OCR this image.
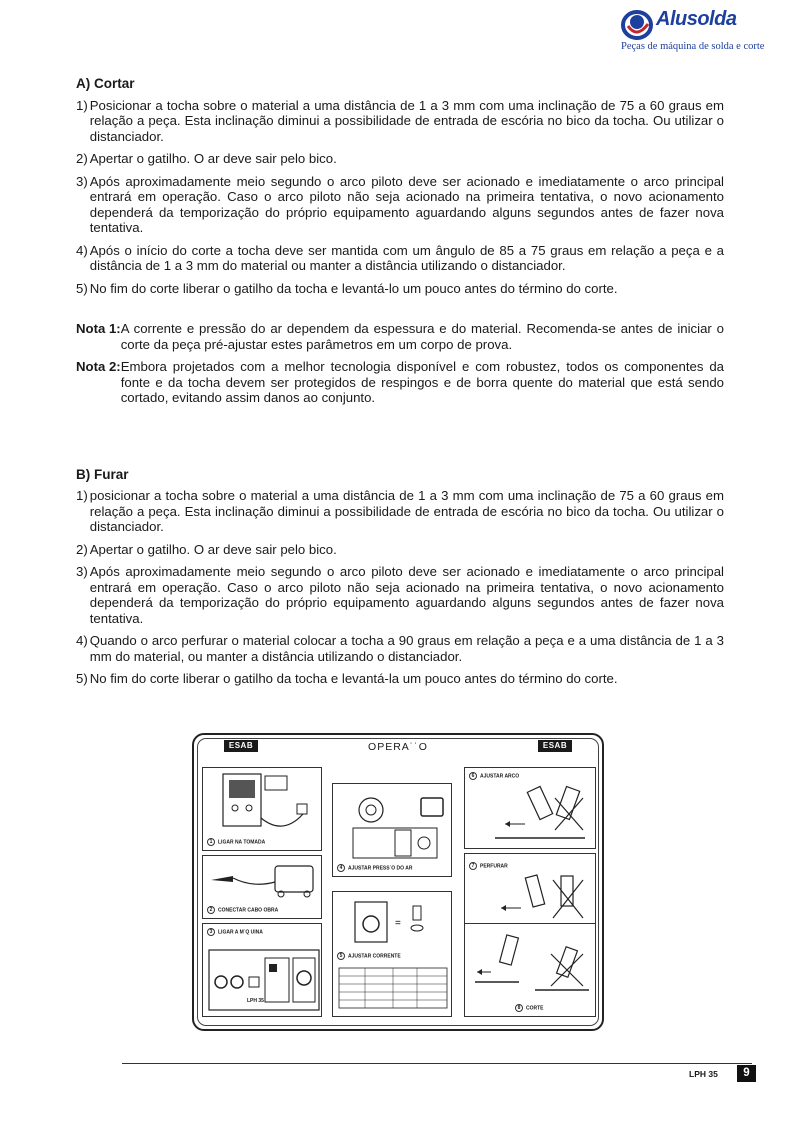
Alusolda
Peças de máquina de solda e corte
A) Cortar
1) Posicionar a tocha sobre o material a uma distância de 1 a 3 mm com uma inclinação de 75 a 60 graus em relação a peça. Esta inclinação diminui a possibilidade de entrada de escória no bico da tocha. Ou utilizar o distanciador.
2) Apertar o gatilho. O ar deve sair pelo bico.
3) Após aproximadamente meio segundo o arco piloto deve ser acionado e imediatamente o arco principal entrará em operação. Caso o arco piloto não seja acionado na primeira tentativa, o novo acionamento dependerá da temporização do próprio equipamento aguardando alguns segundos antes de fazer nova tentativa.
4) Após o início do corte a tocha deve ser mantida com um ângulo de 85 a 75 graus em relação a peça e a distância de 1 a 3 mm do material ou manter a distância utilizando o distanciador.
5) No fim do corte liberar o gatilho da tocha e levantá-lo um pouco antes do término do corte.
Nota 1: A corrente e pressão do ar dependem da espessura e do material. Recomenda-se antes de iniciar o corte da peça pré-ajustar estes parâmetros em um corpo de prova.
Nota 2: Embora projetados com a melhor tecnologia disponível e com robustez, todos os componentes da fonte e da tocha devem ser protegidos de respingos e de borra quente do material que está sendo cortado, evitando assim danos ao conjunto.
B) Furar
1) posicionar a tocha sobre o material a uma distância de 1 a 3 mm com uma inclinação de 75 a 60 graus em relação a peça. Esta inclinação diminui a possibilidade de entrada de escória no bico da tocha. Ou utilizar o distanciador.
2) Apertar o gatilho. O ar deve sair pelo bico.
3) Após aproximadamente meio segundo o arco piloto deve ser acionado e imediatamente o arco principal entrará em operação. Caso o arco piloto não seja acionado na primeira tentativa, o novo acionamento dependerá da temporização do próprio equipamento aguardando alguns segundos antes de fazer nova tentativa.
4) Quando o arco perfurar o material colocar a tocha a 90 graus em relação a peça e a uma distância de 1 a 3 mm do material, ou manter a distância utilizando o distanciador.
5) No fim do corte liberar o gatilho da tocha e levantá-la um pouco antes do término do corte.
ESAB	ESAB
OPERA˙˙O
1 LIGAR NA TOMADA
2 CONECTAR CABO OBRA
3 LIGAR A M˙Q UINA
LPH 35
4 AJUSTAR PRESS˙O DO AR
=
5 AJUSTAR CORRENTE
6 AJUSTAR ARCO
7 PERFURAR
8 CORTE
LPH 35	9
